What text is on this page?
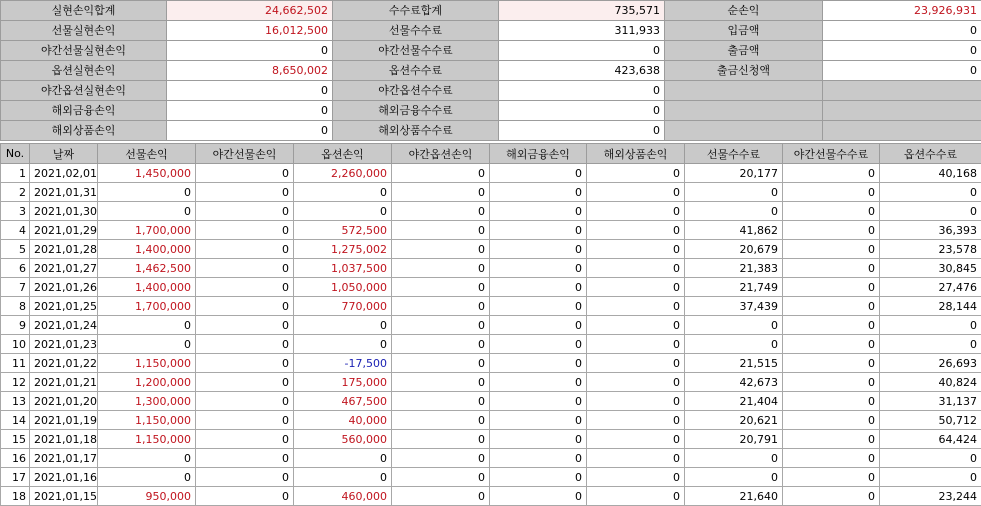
실현손익합계	24,662,502	수수료합계	735,571	순손익	23,926,931
선물실현손익	16,012,500	선물수수료	311,933	입금액	0
야간선물실현손익	0	야간선물수수료	0	출금액	0
옵션실현손익	8,650,002	옵션수수료	423,638	출금신청액	0
야간옵션실현손익	0	야간옵션수수료	0		
해외금융손익	0	해외금융수수료	0		
해외상품손익	0	해외상품수수료	0		
No.	날짜	선물손익	야간선물손익	옵션손익	야간옵션손익	해외금융손익	해외상품손익	선물수수료	야간선물수수료	옵션수수료
1	2021,02,01	1,450,000	0	2,260,000	0	0	0	20,177	0	40,168
2	2021,01,31	0	0	0	0	0	0	0	0	0
3	2021,01,30	0	0	0	0	0	0	0	0	0
4	2021,01,29	1,700,000	0	572,500	0	0	0	41,862	0	36,393
5	2021,01,28	1,400,000	0	1,275,002	0	0	0	20,679	0	23,578
6	2021,01,27	1,462,500	0	1,037,500	0	0	0	21,383	0	30,845
7	2021,01,26	1,400,000	0	1,050,000	0	0	0	21,749	0	27,476
8	2021,01,25	1,700,000	0	770,000	0	0	0	37,439	0	28,144
9	2021,01,24	0	0	0	0	0	0	0	0	0
10	2021,01,23	0	0	0	0	0	0	0	0	0
11	2021,01,22	1,150,000	0	-17,500	0	0	0	21,515	0	26,693
12	2021,01,21	1,200,000	0	175,000	0	0	0	42,673	0	40,824
13	2021,01,20	1,300,000	0	467,500	0	0	0	21,404	0	31,137
14	2021,01,19	1,150,000	0	40,000	0	0	0	20,621	0	50,712
15	2021,01,18	1,150,000	0	560,000	0	0	0	20,791	0	64,424
16	2021,01,17	0	0	0	0	0	0	0	0	0
17	2021,01,16	0	0	0	0	0	0	0	0	0
18	2021,01,15	950,000	0	460,000	0	0	0	21,640	0	23,244
